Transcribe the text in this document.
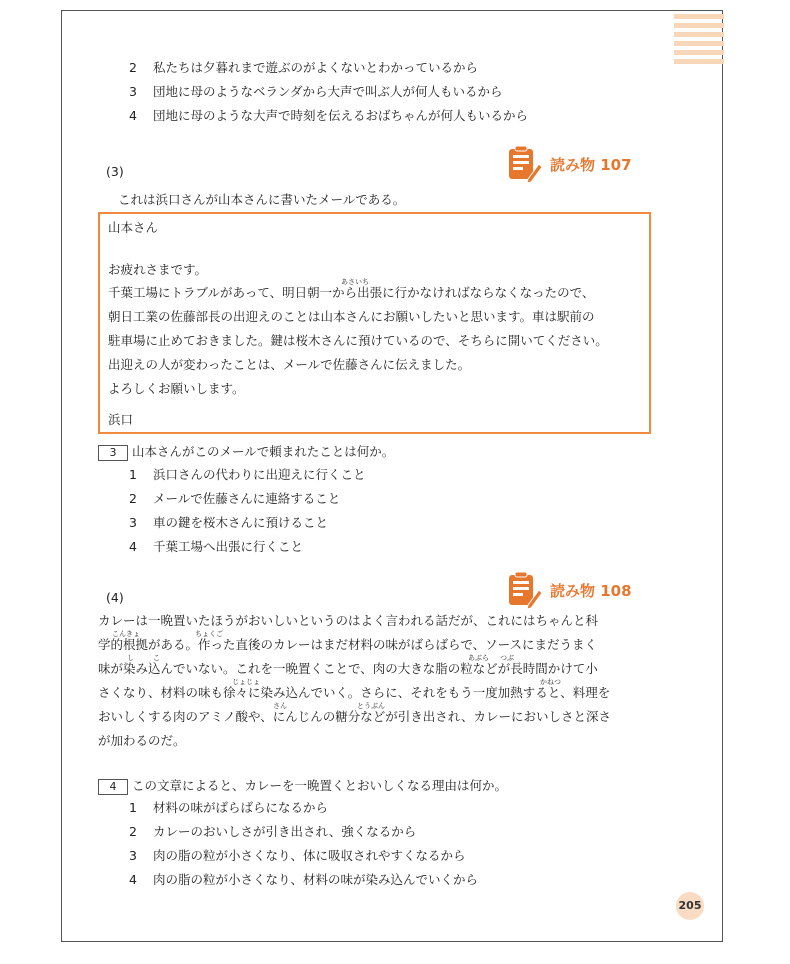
2 私たちは夕暮れまで遊ぶのがよくないとわかっているから
3 団地に母のようなベランダから大声で叫ぶ人が何人もいるから
4 団地に母のような大声で時刻を伝えるおばちゃんが何人もいるから
(3)	読み物 107
これは浜口さんが山本さんに書いたメールである。
山本さん
お疲れさまです。
あさいち
千葉工場にトラブルがあって、明日朝一から出張に行かなければならなくなったので、
朝日工業の佐藤部長の出迎えのことは山本さんにお願いしたいと思います。車は駅前の
駐車場に止めておきました。鍵は桜木さんに預けているので、そちらに開いてください。
出迎えの人が変わったことは、メールで佐藤さんに伝えました。
よろしくお願いします。
浜口
3 山本さんがこのメールで頼まれたことは何か。
1 浜口さんの代わりに出迎えに行くこと
2 メールで佐藤さんに連絡すること
3 車の鍵を桜木さんに預けること
4 千葉工場へ出張に行くこと
(4)	読み物 108
カレーは一晩置いたほうがおいしいというのはよく言われる話だが、これにはちゃんと科
こんきょ	ちょくご
学的根拠がある。作った直後のカレーはまだ材料の味がばらばらで、ソースにまだうまく
し	こ	あぶら つぶ
味が染み込んでいない。これを一晩置くことで、肉の大きな脂の粒などが長時間かけて小
かねつ
じょじょ
さくなり、材料の味も徐々に染み込んでいく。さらに、それをもう一度加熱すると、料理を
さん	とうぶん
おいしくする肉のアミノ酸や、にんじんの糖分などが引き出され、カレーにおいしさと深さ
が加わるのだ。
4 この文章によると、カレーを一晩置くとおいしくなる理由は何か。
1 材料の味がばらばらになるから
2 カレーのおいしさが引き出され、強くなるから
3 肉の脂の粒が小さくなり、体に吸収されやすくなるから
4 肉の脂の粒が小さくなり、材料の味が染み込んでいくから
205
